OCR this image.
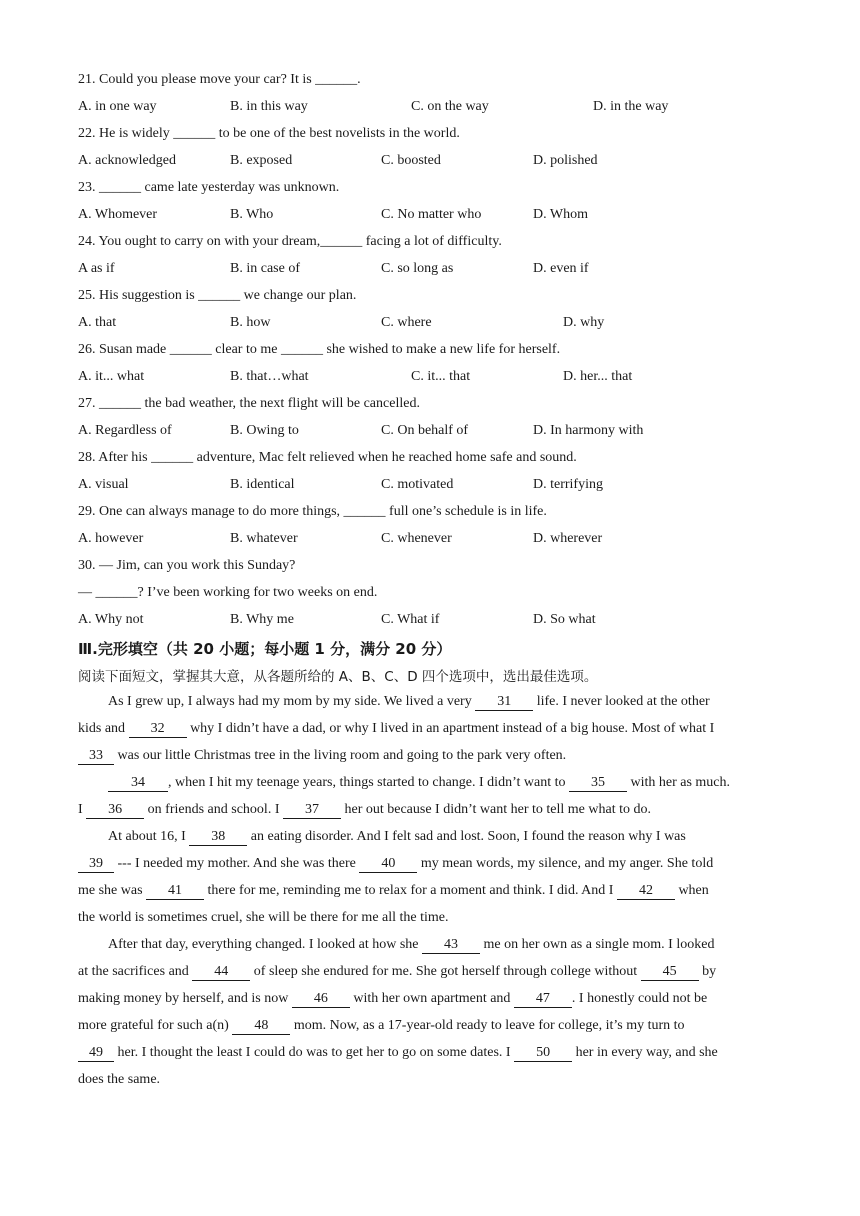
21. Could you please move your car? It is ______.
A. in one way	B. in this way	C. on the way	D. in the way
22. He is widely ______ to be one of the best novelists in the world.
A. acknowledged	B. exposed	C. boosted	D. polished
23. ______ came late yesterday was unknown.
A. Whomever	B. Who	C. No matter who	D. Whom
24. You ought to carry on with your dream,______ facing a lot of difficulty.
A as if	B. in case of	C. so long as	D. even if
25. His suggestion is ______ we change our plan.
A. that	B. how	C. where	D. why
26. Susan made ______ clear to me ______ she wished to make a new life for herself.
A. it... what	B. that…what	C. it... that	D. her... that
27. ______ the bad weather, the next flight will be cancelled.
A. Regardless of	B. Owing to	C. On behalf of	D. In harmony with
28. After his ______ adventure, Mac felt relieved when he reached home safe and sound.
A. visual	B. identical	C. motivated	D. terrifying
29. One can always manage to do more things, ______ full one’s schedule is in life.
A. however	B. whatever	C. whenever	D. wherever
30. — Jim, can you work this Sunday?
— ______? I’ve been working for two weeks on end.
A. Why not	B. Why me	C. What if	D. So what
Ⅲ.完形填空（共 20 小题；每小题 1 分，满分 20 分）
阅读下面短文，掌握其大意，从各题所给的 A、B、C、D 四个选项中，选出最佳选项。
As I grew up, I always had my mom by my side. We lived a very 31 life. I never looked at the other
kids and 32 why I didn’t have a dad, or why I lived in an apartment instead of a big house. Most of what I
33 was our little Christmas tree in the living room and going to the park very often.
34 , when I hit my teenage years, things started to change. I didn’t want to 35 with her as much.
I 36 on friends and school. I 37 her out because I didn’t want her to tell me what to do.
At about 16, I 38 an eating disorder. And I felt sad and lost. Soon, I found the reason why I was
39 --- I needed my mother. And she was there 40 my mean words, my silence, and my anger. She told
me she was 41 there for me, reminding me to relax for a moment and think. I did. And I 42 when
the world is sometimes cruel, she will be there for me all the time.
After that day, everything changed. I looked at how she 43 me on her own as a single mom. I looked
at the sacrifices and 44 of sleep she endured for me. She got herself through college without 45 by
making money by herself, and is now 46 with her own apartment and 47 . I honestly could not be
more grateful for such a(n) 48 mom. Now, as a 17-year-old ready to leave for college, it’s my turn to
49 her. I thought the least I could do was to get her to go on some dates. I 50 her in every way, and she
does the same.
